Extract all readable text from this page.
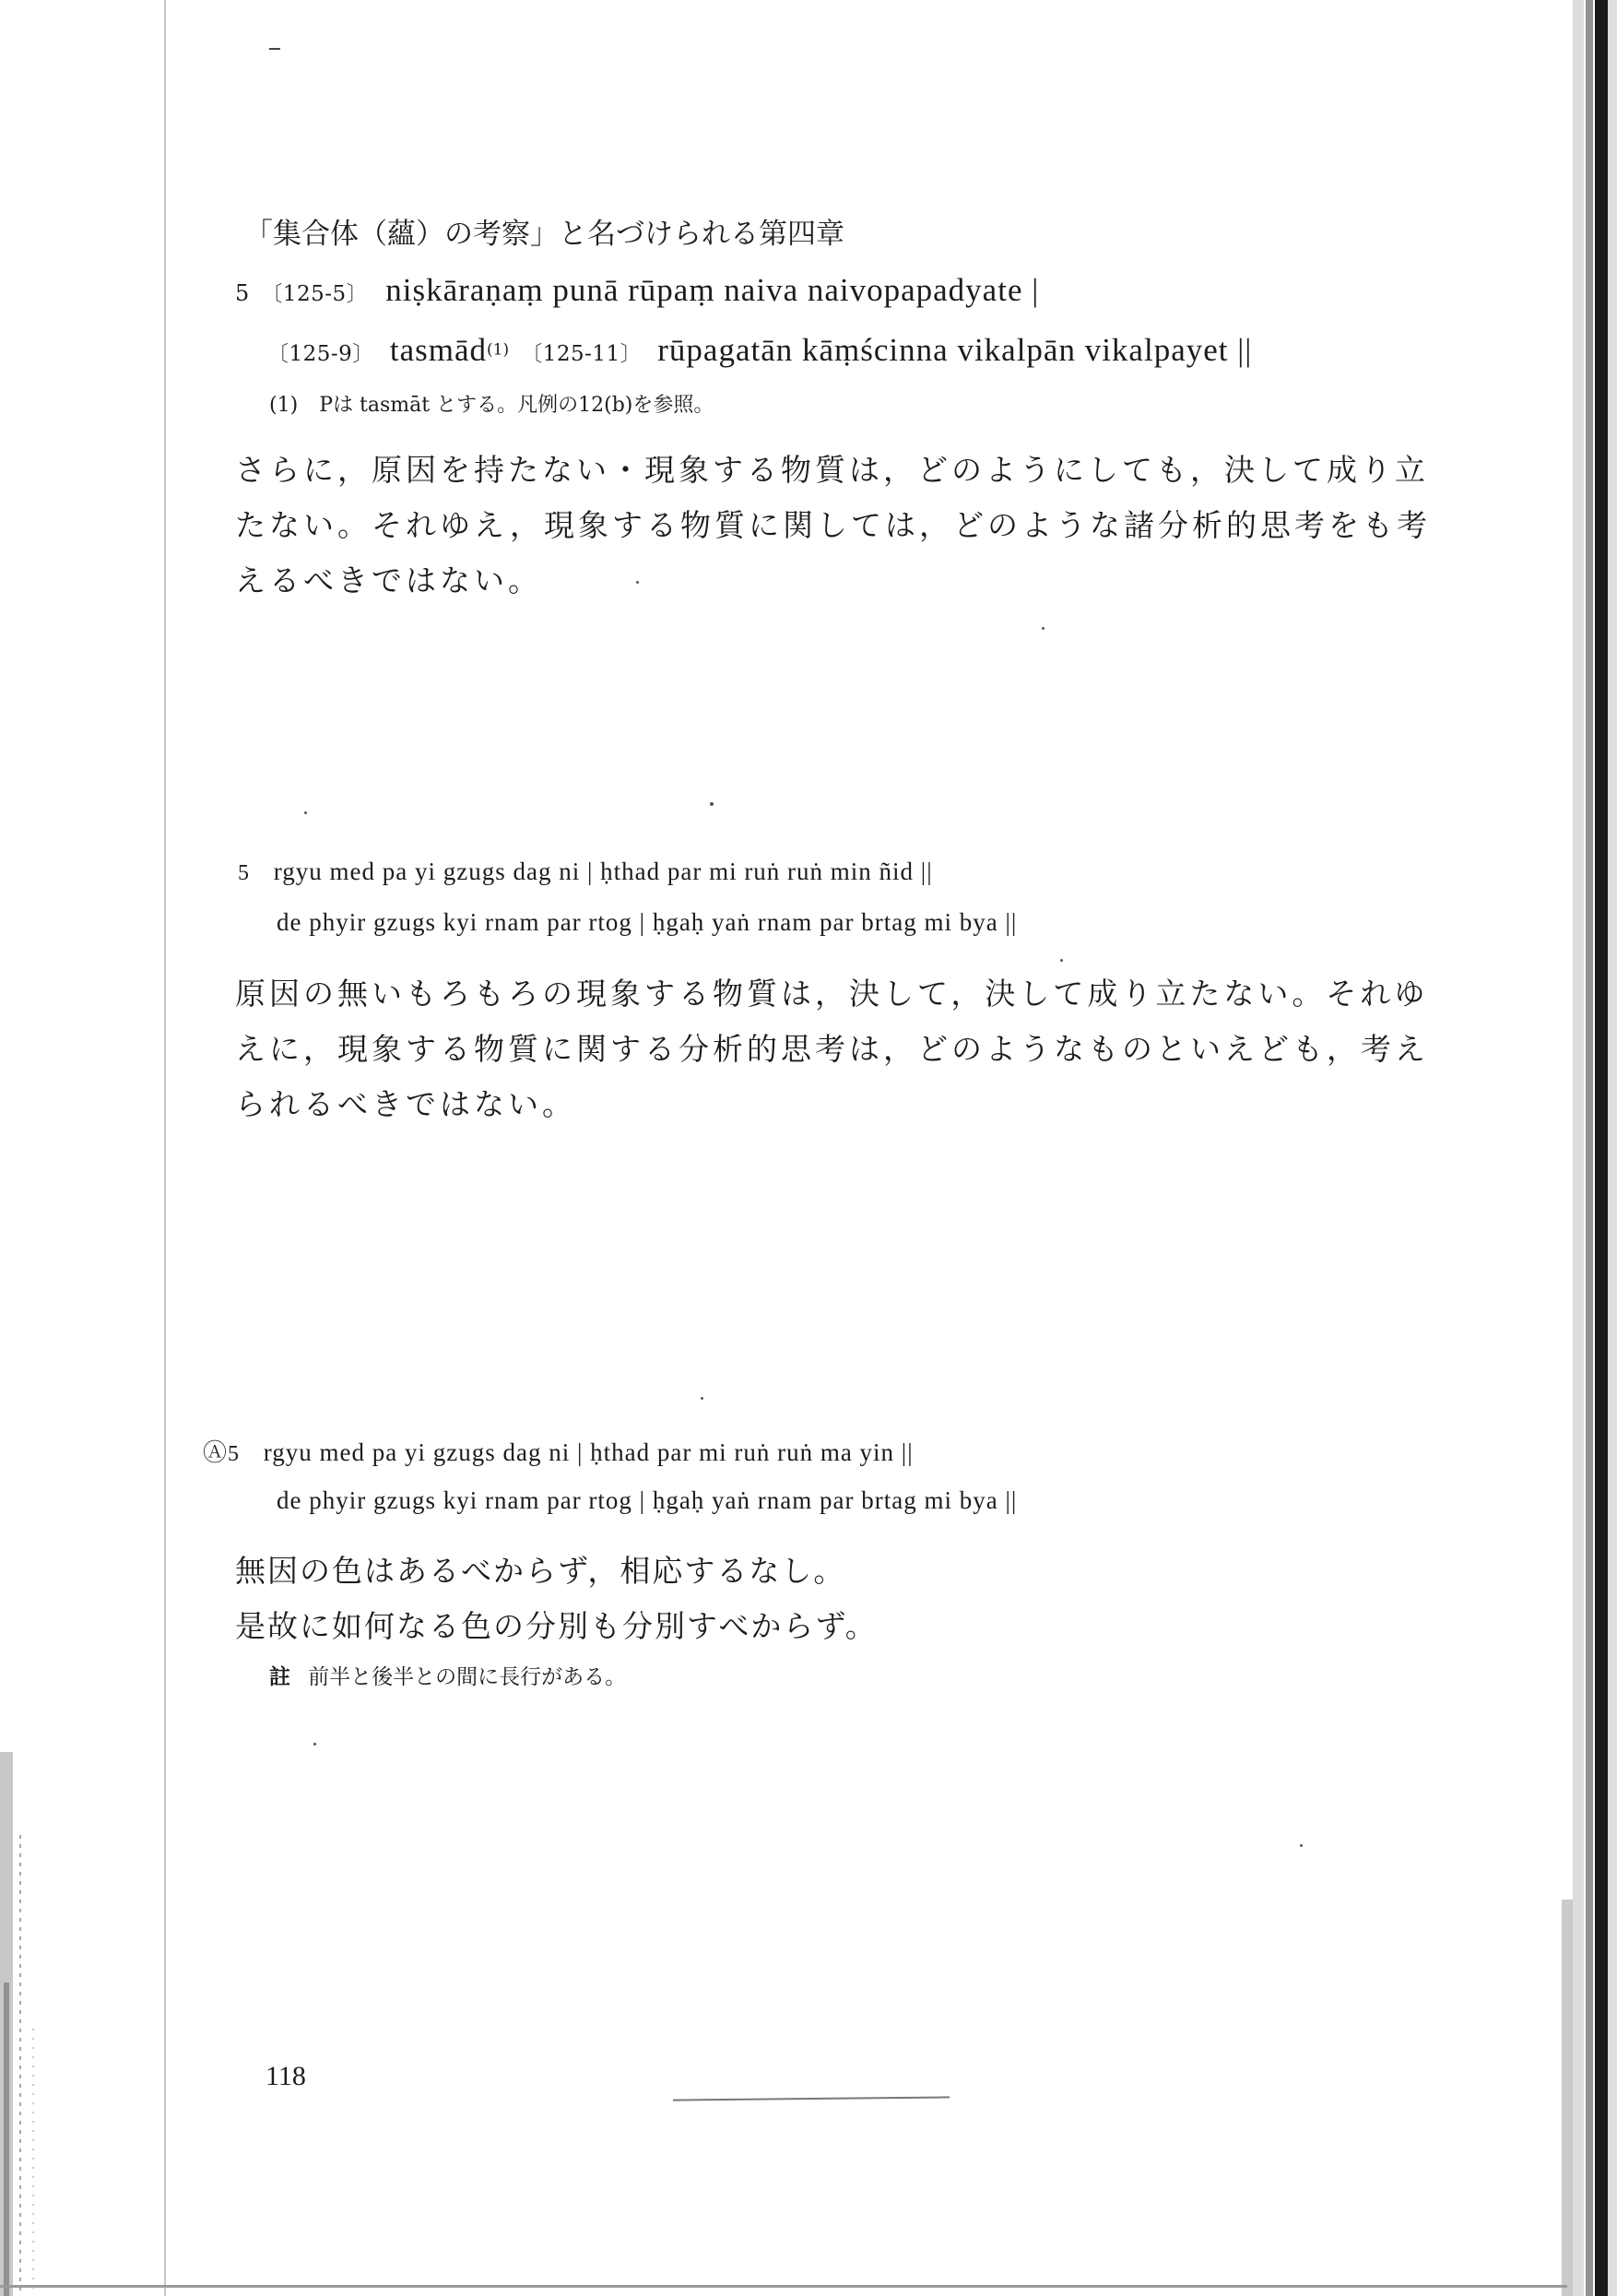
「集合体（蘊）の考察」と名づけられる第四章
5 〔125-5〕 niṣkāraṇaṃ punā rūpaṃ naiva naivopapadyate |
〔125-9〕 tasmād$^{(1)}$ 〔125-11〕 rūpagatān kāṃścinna vikalpān vikalpayet ||
(1) Pは tasmāt とする。凡例の12(b)を参照。
さらに，原因を持たない・現象する物質は，どのようにしても，決して成り立たない。それゆえ，現象する物質に関しては，どのような諸分析的思考をも考えるべきではない。
5 rgyu med pa yi gzugs dag ni | ḥthad par mi ruṅ ruṅ min ñid ||
de phyir gzugs kyi rnam par rtog | ḥgaḥ yaṅ rnam par brtag mi bya ||
原因の無いもろもろの現象する物質は，決して，決して成り立たない。それゆえに，現象する物質に関する分析的思考は，どのようなものといえども，考えられるべきではない。
Ⓐ5 rgyu med pa yi gzugs dag ni | ḥthad par mi ruṅ ruṅ ma yin ||
de phyir gzugs kyi rnam par rtog | ḥgaḥ yaṅ rnam par brtag mi bya ||
無因の色はあるべからず，相応するなし。
是故に如何なる色の分別も分別すべからず。
註 前半と後半との間に長行がある。
118
